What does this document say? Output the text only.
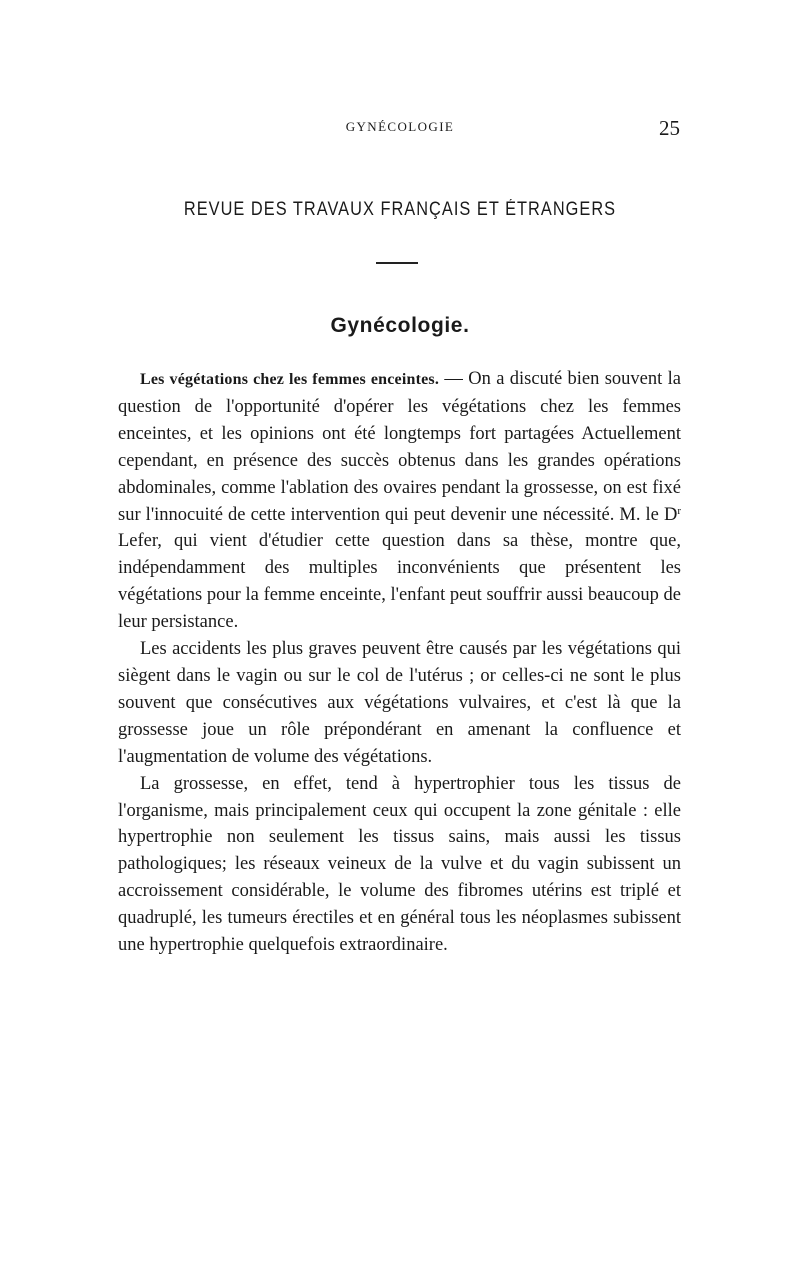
GYNÉCOLOGIE	25
REVUE DES TRAVAUX FRANÇAIS ET ÉTRANGERS
Gynécologie.

Les végétations chez les femmes enceintes. — On a discuté bien souvent la question de l'opportunité d'opérer les végétations chez les femmes enceintes, et les opinions ont été longtemps fort partagées Actuellement cependant, en présence des succès obtenus dans les grandes opérations abdominales, comme l'ablation des ovaires pendant la grossesse, on est fixé sur l'innocuité de cette intervention qui peut devenir une nécessité. M. le $D^r$ Lefer, qui vient d'étudier cette question dans sa thèse, montre que, indépendamment des multiples inconvénients que présentent les végétations pour la femme enceinte, l'enfant peut souffrir aussi beaucoup de leur persistance.

Les accidents les plus graves peuvent être causés par les végétations qui siègent dans le vagin ou sur le col de l'utérus ; or celles-ci ne sont le plus souvent que consécutives aux végétations vulvaires, et c'est là que la grossesse joue un rôle prépondérant en amenant la confluence et l'augmentation de volume des végétations.

La grossesse, en effet, tend à hypertrophier tous les tissus de l'organisme, mais principalement ceux qui occupent la zone génitale : elle hypertrophie non seulement les tissus sains, mais aussi les tissus pathologiques; les réseaux veineux de la vulve et du vagin subissent un accroissement considérable, le volume des fibromes utérins est triplé et quadruplé, les tumeurs érectiles et en général tous les néoplasmes subissent une hypertrophie quelquefois extraordinaire.
